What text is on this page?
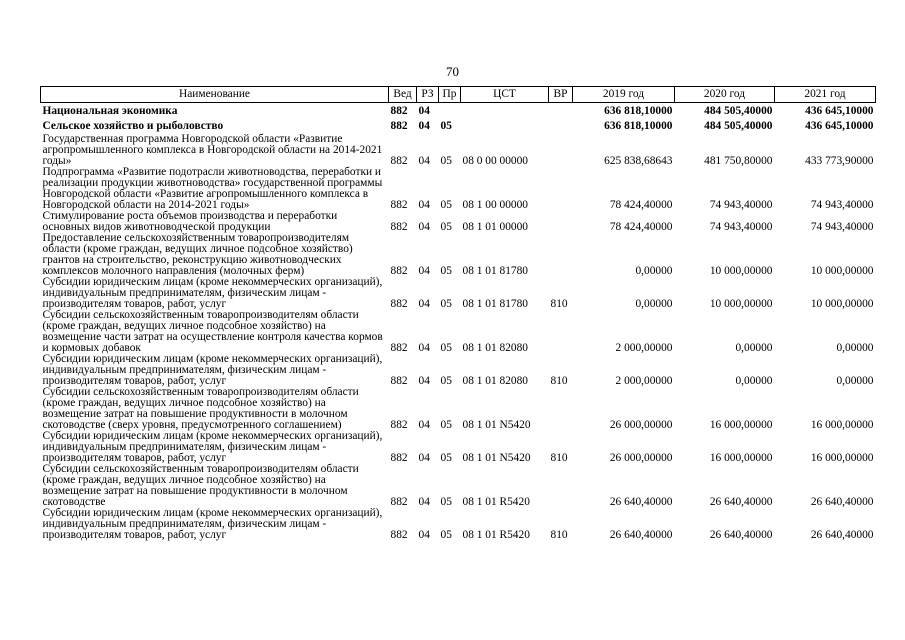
70
Наименование	Вед	РЗ	Пр	ЦСТ	ВР	2019 год	2020 год	2021 год
Национальная экономика	882	04				636 818,10000	484 505,40000	436 645,10000
Сельское хозяйство и рыболовство	882	04	05			636 818,10000	484 505,40000	436 645,10000
Государственная программа Новгородской области «Развитие агропромышленного комплекса в Новгородской области на 2014-2021 годы»	882	04	05	08 0 00 00000		625 838,68643	481 750,80000	433 773,90000
Подпрограмма «Развитие подотрасли животноводства, переработки и реализации продукции животноводства» государственной программы Новгородской области «Развитие агропромышленного комплекса в Новгородской области на 2014-2021 годы»	882	04	05	08 1 00 00000		78 424,40000	74 943,40000	74 943,40000
Стимулирование роста объемов производства и переработки основных видов животноводческой продукции	882	04	05	08 1 01 00000		78 424,40000	74 943,40000	74 943,40000
Предоставление сельскохозяйственным товаропроизводителям области (кроме граждан, ведущих личное подсобное хозяйство) грантов на строительство, реконструкцию животноводческих комплексов молочного направления (молочных ферм)	882	04	05	08 1 01 81780		0,00000	10 000,00000	10 000,00000
Субсидии юридическим лицам (кроме некоммерческих организаций), индивидуальным предпринимателям, физическим лицам - производителям товаров, работ, услуг	882	04	05	08 1 01 81780	810	0,00000	10 000,00000	10 000,00000
Субсидии сельскохозяйственным товаропроизводителям области (кроме граждан, ведущих личное подсобное хозяйство) на возмещение части затрат на осуществление контроля качества кормов и кормовых добавок	882	04	05	08 1 01 82080		2 000,00000	0,00000	0,00000
Субсидии юридическим лицам (кроме некоммерческих организаций), индивидуальным предпринимателям, физическим лицам - производителям товаров, работ, услуг	882	04	05	08 1 01 82080	810	2 000,00000	0,00000	0,00000
Субсидии сельскохозяйственным товаропроизводителям области (кроме граждан, ведущих личное подсобное хозяйство) на возмещение затрат на повышение продуктивности в молочном скотоводстве (сверх уровня, предусмотренного соглашением)	882	04	05	08 1 01 N5420		26 000,00000	16 000,00000	16 000,00000
Субсидии юридическим лицам (кроме некоммерческих организаций), индивидуальным предпринимателям, физическим лицам - производителям товаров, работ, услуг	882	04	05	08 1 01 N5420	810	26 000,00000	16 000,00000	16 000,00000
Субсидии сельскохозяйственным товаропроизводителям области (кроме граждан, ведущих личное подсобное хозяйство) на возмещение затрат на повышение продуктивности в молочном скотоводстве	882	04	05	08 1 01 R5420		26 640,40000	26 640,40000	26 640,40000
Субсидии юридическим лицам (кроме некоммерческих организаций), индивидуальным предпринимателям, физическим лицам - производителям товаров, работ, услуг	882	04	05	08 1 01 R5420	810	26 640,40000	26 640,40000	26 640,40000
